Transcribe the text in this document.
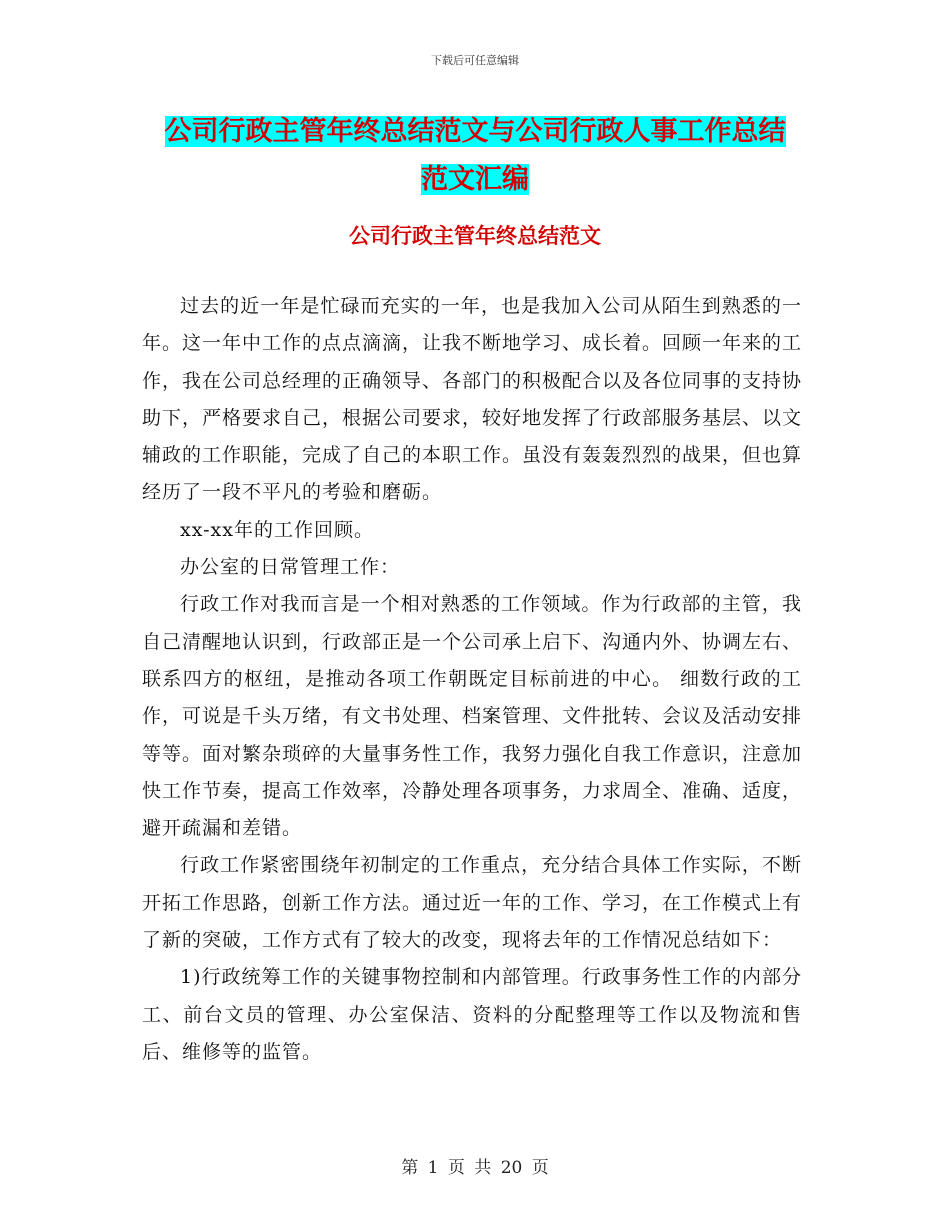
下载后可任意编辑
公司行政主管年终总结范文与公司行政人事工作总结
范文汇编
公司行政主管年终总结范文

过去的近一年是忙碌而充实的一年，也是我加入公司从陌生到熟悉的一年。这一年中工作的点点滴滴，让我不断地学习、成长着。回顾一年来的工作，我在公司总经理的正确领导、各部门的积极配合以及各位同事的支持协助下，严格要求自己，根据公司要求，较好地发挥了行政部服务基层、以文辅政的工作职能，完成了自己的本职工作。虽没有轰轰烈烈的战果，但也算经历了一段不平凡的考验和磨砺。

xx-xx年的工作回顾。

办公室的日常管理工作：

行政工作对我而言是一个相对熟悉的工作领域。作为行政部的主管，我自己清醒地认识到，行政部正是一个公司承上启下、沟通内外、协调左右、联系四方的枢纽，是推动各项工作朝既定目标前进的中心。 细数行政的工作，可说是千头万绪，有文书处理、档案管理、文件批转、会议及活动安排等等。面对繁杂琐碎的大量事务性工作，我努力强化自我工作意识，注意加快工作节奏，提高工作效率，冷静处理各项事务，力求周全、准确、适度，避开疏漏和差错。

行政工作紧密围绕年初制定的工作重点，充分结合具体工作实际，不断开拓工作思路，创新工作方法。通过近一年的工作、学习，在工作模式上有了新的突破，工作方式有了较大的改变，现将去年的工作情况总结如下：

1)行政统筹工作的关键事物控制和内部管理。行政事务性工作的内部分工、前台文员的管理、办公室保洁、资料的分配整理等工作以及物流和售后、维修等的监管。

第 1 页 共 20 页
